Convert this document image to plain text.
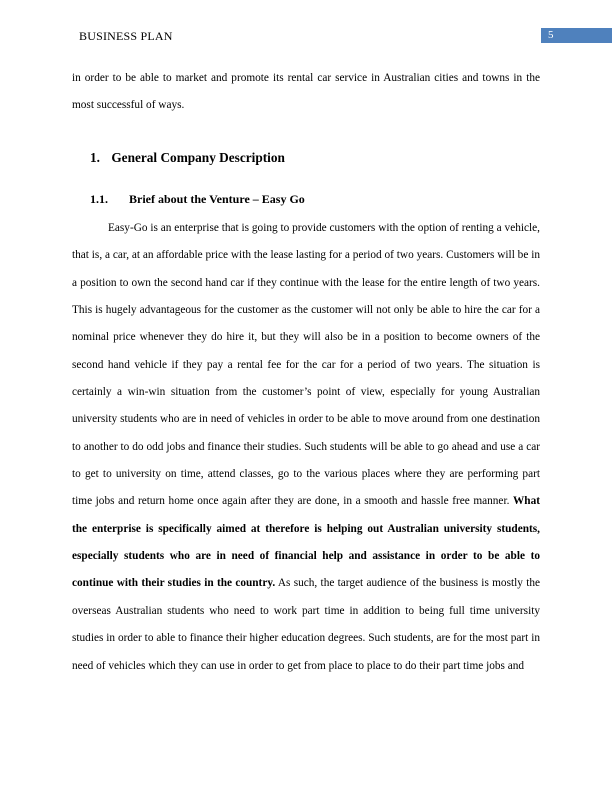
BUSINESS PLAN	5
in order to be able to market and promote its rental car service in Australian cities and towns in the most successful of ways.
1. General Company Description
1.1. Brief about the Venture – Easy Go
Easy-Go is an enterprise that is going to provide customers with the option of renting a vehicle, that is, a car, at an affordable price with the lease lasting for a period of two years. Customers will be in a position to own the second hand car if they continue with the lease for the entire length of two years. This is hugely advantageous for the customer as the customer will not only be able to hire the car for a nominal price whenever they do hire it, but they will also be in a position to become owners of the second hand vehicle if they pay a rental fee for the car for a period of two years. The situation is certainly a win-win situation from the customer’s point of view, especially for young Australian university students who are in need of vehicles in order to be able to move around from one destination to another to do odd jobs and finance their studies. Such students will be able to go ahead and use a car to get to university on time, attend classes, go to the various places where they are performing part time jobs and return home once again after they are done, in a smooth and hassle free manner. What the enterprise is specifically aimed at therefore is helping out Australian university students, especially students who are in need of financial help and assistance in order to be able to continue with their studies in the country. As such, the target audience of the business is mostly the overseas Australian students who need to work part time in addition to being full time university studies in order to able to finance their higher education degrees. Such students, are for the most part in need of vehicles which they can use in order to get from place to place to do their part time jobs and
